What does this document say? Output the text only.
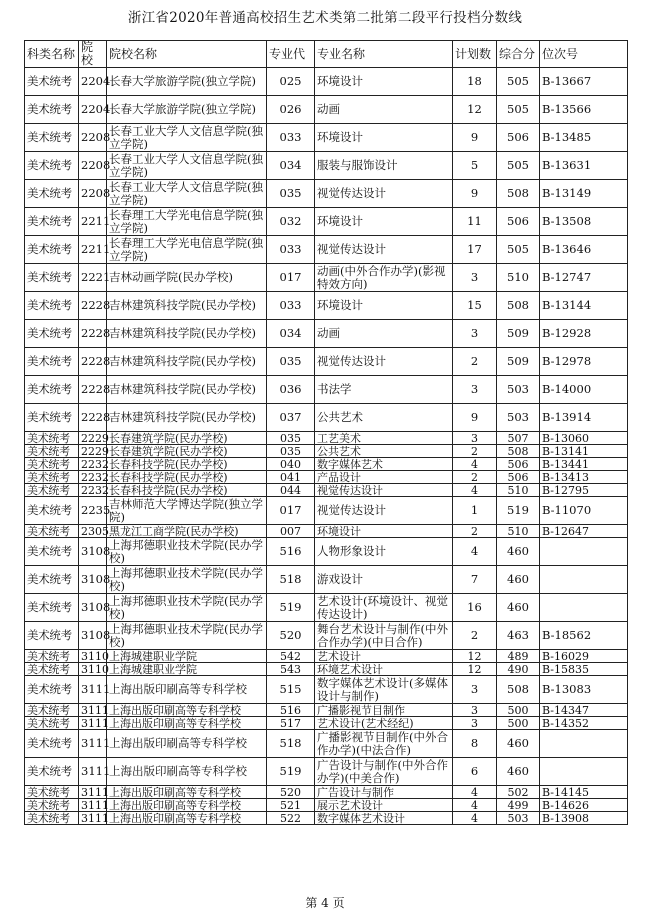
浙江省2020年普通高校招生艺术类第二批第二段平行投档分数线
科类名称	院校	院校名称	专业代	专业名称	计划数	综合分	位次号
美术统考	2204	长春大学旅游学院(独立学院)	025	环境设计	18	505	B-13667
美术统考	2204	长春大学旅游学院(独立学院)	026	动画	12	505	B-13566
美术统考	2208	长春工业大学人文信息学院(独立学院)	033	环境设计	9	506	B-13485
美术统考	2208	长春工业大学人文信息学院(独立学院)	034	服装与服饰设计	5	505	B-13631
美术统考	2208	长春工业大学人文信息学院(独立学院)	035	视觉传达设计	9	508	B-13149
美术统考	2211	长春理工大学光电信息学院(独立学院)	032	环境设计	11	506	B-13508
美术统考	2211	长春理工大学光电信息学院(独立学院)	033	视觉传达设计	17	505	B-13646
美术统考	2221	吉林动画学院(民办学校)	017	动画(中外合作办学)(影视特效方向)	3	510	B-12747
美术统考	2228	吉林建筑科技学院(民办学校)	033	环境设计	15	508	B-13144
美术统考	2228	吉林建筑科技学院(民办学校)	034	动画	3	509	B-12928
美术统考	2228	吉林建筑科技学院(民办学校)	035	视觉传达设计	2	509	B-12978
美术统考	2228	吉林建筑科技学院(民办学校)	036	书法学	3	503	B-14000
美术统考	2228	吉林建筑科技学院(民办学校)	037	公共艺术	9	503	B-13914
美术统考	2229	长春建筑学院(民办学校)	035	工艺美术	3	507	B-13060
美术统考	2229	长春建筑学院(民办学校)	035	公共艺术	2	508	B-13141
美术统考	2232	长春科技学院(民办学校)	040	数字媒体艺术	4	506	B-13441
美术统考	2232	长春科技学院(民办学校)	041	产品设计	2	506	B-13413
美术统考	2232	长春科技学院(民办学校)	044	视觉传达设计	4	510	B-12795
美术统考	2235	吉林师范大学博达学院(独立学院)	017	视觉传达设计	1	519	B-11070
美术统考	2305	黑龙江工商学院(民办学校)	007	环境设计	2	510	B-12647
美术统考	3108	上海邦德职业技术学院(民办学校)	516	人物形象设计	4	460	
美术统考	3108	上海邦德职业技术学院(民办学校)	518	游戏设计	7	460	
美术统考	3108	上海邦德职业技术学院(民办学校)	519	艺术设计(环境设计、视觉传达设计)	16	460	
美术统考	3108	上海邦德职业技术学院(民办学校)	520	舞台艺术设计与制作(中外合作办学)(中日合作)	2	463	B-18562
美术统考	3110	上海城建职业学院	542	艺术设计	12	489	B-16029
美术统考	3110	上海城建职业学院	543	环境艺术设计	12	490	B-15835
美术统考	3111	上海出版印刷高等专科学校	515	数字媒体艺术设计(多媒体设计与制作)	3	508	B-13083
美术统考	3111	上海出版印刷高等专科学校	516	广播影视节目制作	3	500	B-14347
美术统考	3111	上海出版印刷高等专科学校	517	艺术设计(艺术经纪)	3	500	B-14352
美术统考	3111	上海出版印刷高等专科学校	518	广播影视节目制作(中外合作办学)(中法合作)	8	460	
美术统考	3111	上海出版印刷高等专科学校	519	广告设计与制作(中外合作办学)(中美合作)	6	460	
美术统考	3111	上海出版印刷高等专科学校	520	广告设计与制作	4	502	B-14145
美术统考	3111	上海出版印刷高等专科学校	521	展示艺术设计	4	499	B-14626
美术统考	3111	上海出版印刷高等专科学校	522	数字媒体艺术设计	4	503	B-13908
第 4 页
